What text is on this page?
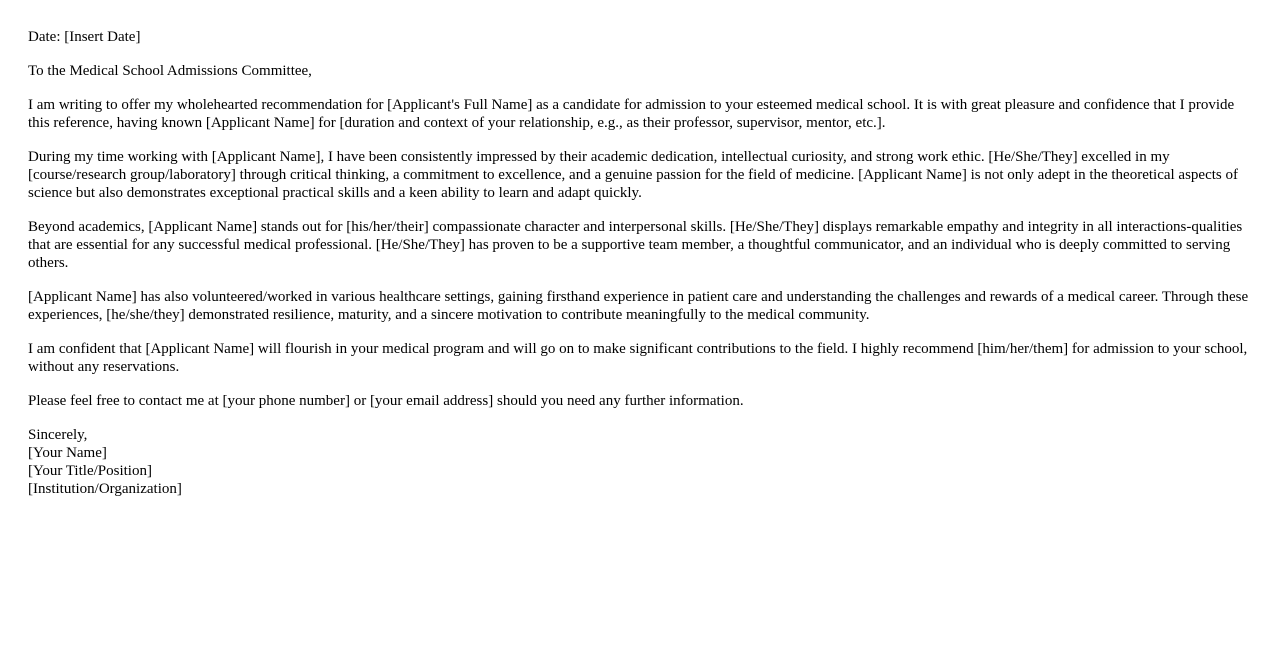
Date: [Insert Date]

To the Medical School Admissions Committee,

I am writing to offer my wholehearted recommendation for [Applicant's Full Name] as a candidate for admission to your esteemed medical school. It is with great pleasure and confidence that I provide this reference, having known [Applicant Name] for [duration and context of your relationship, e.g., as their professor, supervisor, mentor, etc.].

During my time working with [Applicant Name], I have been consistently impressed by their academic dedication, intellectual curiosity, and strong work ethic. [He/She/They] excelled in my [course/research group/laboratory] through critical thinking, a commitment to excellence, and a genuine passion for the field of medicine. [Applicant Name] is not only adept in the theoretical aspects of science but also demonstrates exceptional practical skills and a keen ability to learn and adapt quickly.

Beyond academics, [Applicant Name] stands out for [his/her/their] compassionate character and interpersonal skills. [He/She/They] displays remarkable empathy and integrity in all interactions-qualities that are essential for any successful medical professional. [He/She/They] has proven to be a supportive team member, a thoughtful communicator, and an individual who is deeply committed to serving others.

[Applicant Name] has also volunteered/worked in various healthcare settings, gaining firsthand experience in patient care and understanding the challenges and rewards of a medical career. Through these experiences, [he/she/they] demonstrated resilience, maturity, and a sincere motivation to contribute meaningfully to the medical community.

I am confident that [Applicant Name] will flourish in your medical program and will go on to make significant contributions to the field. I highly recommend [him/her/them] for admission to your school, without any reservations.

Please feel free to contact me at [your phone number] or [your email address] should you need any further information.

Sincerely,
[Your Name]
[Your Title/Position]
[Institution/Organization]
